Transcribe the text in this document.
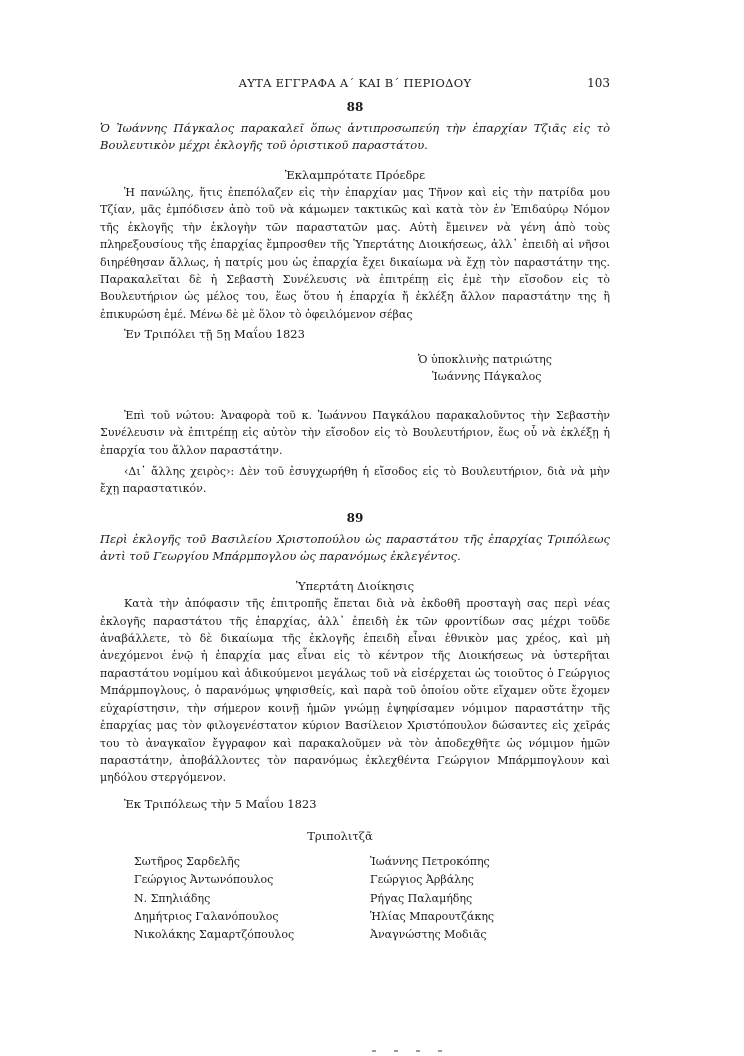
ΑΥΤΑ ΕΓΓΡΑΦΑ Α΄ ΚΑΙ Β΄ ΠΕΡΙΟΔΟΥ	103
88

Ὁ Ἰωάννης Πάγκαλος παρακαλεῖ ὅπως ἀντιπροσωπεύη τὴν ἐπαρχίαν Τζιᾶς εἰς τὸ Βουλευτικὸν μέχρι ἐκλογῆς τοῦ ὁριστικοῦ παραστάτου.

Ἐκλαμπρότατε Πρόεδρε

Ἡ πανώλης, ἥτις ἐπεπόλαζεν εἰς τὴν ἐπαρχίαν μας Τῆνον καὶ εἰς τὴν πατρίδα μου Τζίαν, μᾶς ἐμπόδισεν ἀπὸ τοῦ νὰ κάμωμεν τακτικῶς καὶ κατὰ τὸν ἐν Ἐπιδαύρῳ Νόμον τῆς ἐκλογῆς τὴν ἐκλογὴν τῶν παραστατῶν μας. Αὐτὴ ἔμεινεν νὰ γένη ἀπὸ τοὺς πληρεξουσίους τῆς ἐπαρχίας ἔμπροσθεν τῆς Ὑπερτάτης Διοικήσεως, ἀλλ᾿ ἐπειδὴ αἱ νῆσοι διηρέθησαν ἄλλως, ἡ πατρίς μου ὡς ἐπαρχία ἔχει δικαίωμα νὰ ἔχῃ τὸν παραστάτην της. Παρακαλεῖται δὲ ἡ Σεβαστὴ Συνέλευσις νὰ ἐπιτρέπῃ εἰς ἐμὲ τὴν εἴσοδον εἰς τὸ Βουλευτήριον ὡς μέλος του, ἕως ὅτου ἡ ἐπαρχία ἤ ἐκλέξη ἄλλον παραστάτην της ἢ ἐπικυρώση ἐμέ. Μένω δὲ μὲ ὅλον τὸ ὀφειλόμενον σέβας

Ἐν Τριπόλει τῇ 5ῃ Μαΐου 1823
Ὁ ὑποκλινὴς πατριώτης
Ἰωάννης Πάγκαλος

Ἐπὶ τοῦ νώτου: Ἀναφορὰ τοῦ κ. Ἰωάννου Παγκάλου παρακαλοῦντος τὴν Σεβαστὴν Συνέλευσιν νὰ ἐπιτρέπῃ εἰς αὐτὸν τὴν εἴσοδον εἰς τὸ Βουλευτήριον, ἕως οὗ νὰ ἐκλέξῃ ἡ ἐπαρχία του ἄλλον παραστάτην.

‹Δι᾿ ἄλλης χειρὸς›: Δὲν τοῦ ἐσυγχωρήθη ἡ εἴσοδος εἰς τὸ Βουλευτήριον, διὰ νὰ μὴν ἔχῃ παραστατικόν.

89

Περὶ ἐκλογῆς τοῦ Βασιλείου Χριστοπούλου ὡς παραστάτου τῆς ἐπαρχίας Τριπόλεως ἀντὶ τοῦ Γεωργίου Μπάρμπογλου ὡς παρανόμως ἐκλεγέντος.

Ὑπερτάτη Διοίκησις

Κατὰ τὴν ἀπόφασιν τῆς ἐπιτροπῆς ἔπεται διὰ νὰ ἐκδοθῆ προσταγὴ σας περὶ νέας ἐκλογῆς παραστάτου τῆς ἐπαρχίας, ἀλλ᾿ ἐπειδὴ ἐκ τῶν φροντίδων σας μέχρι τοῦδε ἀναβάλλετε, τὸ δὲ δικαίωμα τῆς ἐκλογῆς ἐπειδὴ εἶναι ἐθνικὸν μας χρέος, καὶ μὴ ἀνεχόμενοι ἐνῷ ἡ ἐπαρχία μας εἶναι εἰς τὸ κέντρον τῆς Διοικήσεως νὰ ὑστερῆται παραστάτου νομίμου καὶ ἀδικούμενοι μεγάλως τοῦ νὰ εἰσέρχεται ὡς τοιοῦτος ὁ Γεώργιος Μπάρμπογλους, ὁ παρανόμως ψηφισθείς, καὶ παρὰ τοῦ ὁποίου οὔτε εἴχαμεν οὔτε ἔχομεν εὐχαρίστησιν, τὴν σήμερον κοινῇ ἡμῶν γνώμῃ ἐψηφίσαμεν νόμιμον παραστάτην τῆς ἐπαρχίας μας τὸν φιλογενέστατον κύριον Βασίλειον Χριστόπουλον δώσαντες εἰς χεῖράς του τὸ ἀναγκαῖον ἔγγραφον καὶ παρακαλοῦμεν νὰ τὸν ἀποδεχθῆτε ὡς νόμιμον ἡμῶν παραστάτην, ἀποβάλλοντες τὸν παρανόμως ἐκλεχθέντα Γεώργιον Μπάρμπογλουν καὶ μηδόλου στεργόμενον.

Ἐκ Τριπόλεως τὴν 5 Μαΐου 1823
Τριπολιτζᾶ
Σωτῆρος Σαρδελῆς
Γεώργιος Ἀντωνόπουλος
Ν. Σπηλιάδης
Δημήτριος Γαλανόπουλος
Νικολάκης Σαμαρτζόπουλος
Ἰωάννης Πετροκόπης
Γεώργιος Ἀρβάλης
Ρήγας Παλαμήδης
Ἡλίας Μπαρουτζάκης
Ἀναγνώστης Μοδιᾶς
